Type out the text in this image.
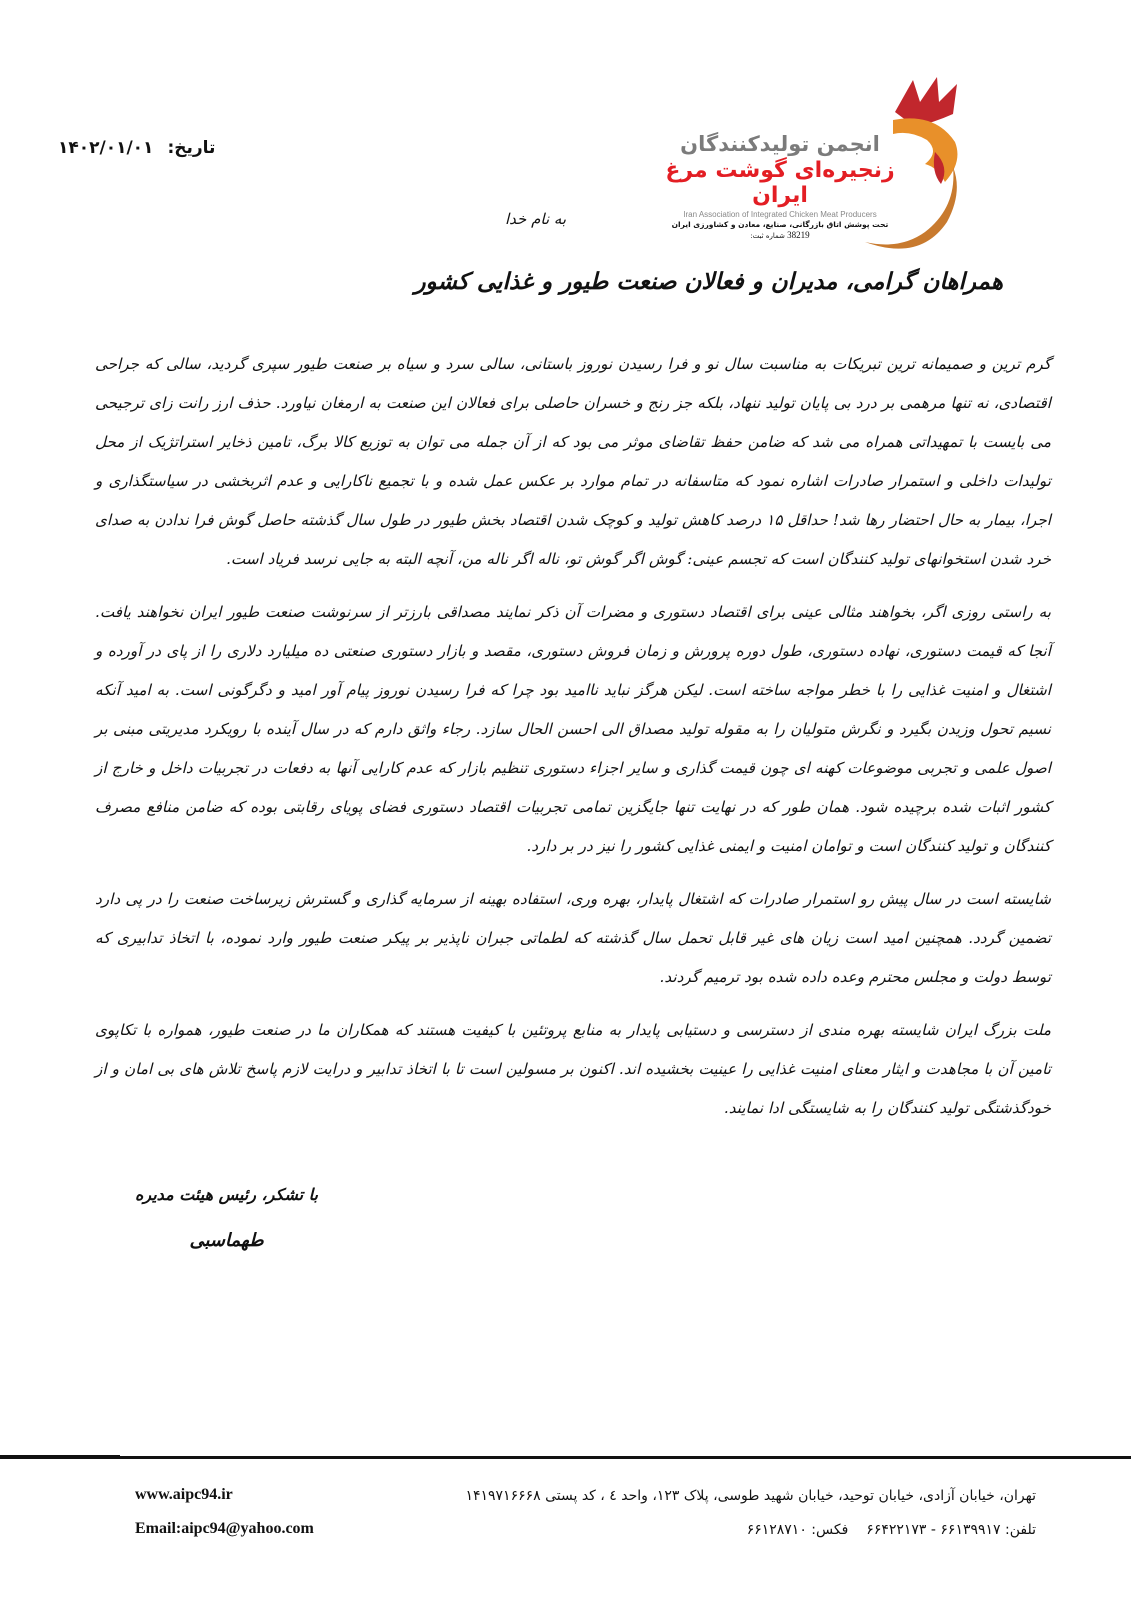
انجمن تولیدکنندگان
زنجیره‌ای گوشت مرغ ایران
Iran Association of Integrated Chicken Meat Producers
تحت پوشش اتاق بازرگانی، صنایع، معادن و کشاورزی ایران
38219 شماره ثبت:
تاریخ:۱۴۰۲/۰۱/۰۱
به نام خدا
همراهان گرامی، مدیران و فعالان صنعت طیور و غذایی کشور

گرم ترین و صمیمانه ترین تبریکات به مناسبت سال نو و فرا رسیدن نوروز باستانی، سالی سرد و سیاه بر صنعت طیور سپری گردید، سالی که جراحی اقتصادی، نه تنها مرهمی بر درد بی پایان تولید ننهاد، بلکه جز رنج و خسران حاصلی برای فعالان این صنعت به ارمغان نیاورد. حذف ارز رانت زای ترجیحی می بایست با تمهیداتی همراه می شد که ضامن حفظ تقاضای موثر می بود که از آن جمله می توان به توزیع کالا برگ، تامین ذخایر استراتژیک از محل تولیدات داخلی و استمرار صادرات اشاره نمود که متاسفانه در تمام موارد بر عکس عمل شده و با تجمیع ناکارایی و عدم اثربخشی در سیاستگذاری و اجرا، بیمار به حال احتضار رها شد! حداقل ۱۵ درصد کاهش تولید و کوچک شدن اقتصاد بخش طیور در طول سال گذشته حاصل گوش فرا ندادن به صدای خرد شدن استخوانهای تولید کنندگان است که تجسم عینی: گوش اگر گوش تو، ناله اگر ناله من، آنچه البته به جایی نرسد فریاد است.

به راستی روزی اگر، بخواهند مثالی عینی برای اقتصاد دستوری و مضرات آن ذکر نمایند مصداقی بارزتر از سرنوشت صنعت طیور ایران نخواهند یافت. آنجا که قیمت دستوری، نهاده دستوری، طول دوره پرورش و زمان فروش دستوری، مقصد و بازار دستوری صنعتی ده میلیارد دلاری را از پای در آورده و اشتغال و امنیت غذایی را با خطر مواجه ساخته است. لیکن هرگز نباید ناامید بود چرا که فرا رسیدن نوروز پیام آور امید و دگرگونی است. به امید آنکه نسیم تحول وزیدن بگیرد و نگرش متولیان را به مقوله تولید مصداق الی احسن الحال سازد. رجاء واثق دارم که در سال آینده با رویکرد مدیریتی مبنی بر اصول علمی و تجربی موضوعات کهنه ای چون قیمت گذاری و سایر اجزاء دستوری تنظیم بازار که عدم کارایی آنها به دفعات در تجربیات داخل و خارج از کشور اثبات شده برچیده شود. همان طور که در نهایت تنها جایگزین تمامی تجربیات اقتصاد دستوری فضای پویای رقابتی بوده که ضامن منافع مصرف کنندگان و تولید کنندگان است و توامان امنیت و ایمنی غذایی کشور را نیز در بر دارد.

شایسته است در سال پیش رو استمرار صادرات که اشتغال پایدار، بهره وری، استفاده بهینه از سرمایه گذاری و گسترش زیرساخت صنعت را در پی دارد تضمین گردد. همچنین امید است زیان های غیر قابل تحمل سال گذشته که لطماتی جبران ناپذیر بر پیکر صنعت طیور وارد نموده، با اتخاذ تدابیری که توسط دولت و مجلس محترم وعده داده شده بود ترمیم گردند.

ملت بزرگ ایران شایسته بهره مندی از دسترسی و دستیابی پایدار به منابع پروتئین با کیفیت هستند که همکاران ما در صنعت طیور، همواره با تکاپوی تامین آن با مجاهدت و ایثار معنای امنیت غذایی را عینیت بخشیده اند. اکنون بر مسولین است تا با اتخاذ تدابیر و درایت لازم پاسخ تلاش های بی امان و از خودگذشتگی تولید کنندگان را به شایستگی ادا نمایند.

با تشکر، رئیس هیئت مدیره
طهماسبی
تهران، خیابان آزادی، خیابان توحید، خیابان شهید طوسی، پلاک ۱۲۳، واحد ٤ ، کد پستی ۱۴۱۹۷۱۶۶۶۸
تلفن: ۶۶۱۳۹۹۱۷ - ۶۶۴۲۲۱۷۳فکس: ۶۶۱۲۸۷۱۰
www.aipc94.ir
Email:aipc94@yahoo.com
